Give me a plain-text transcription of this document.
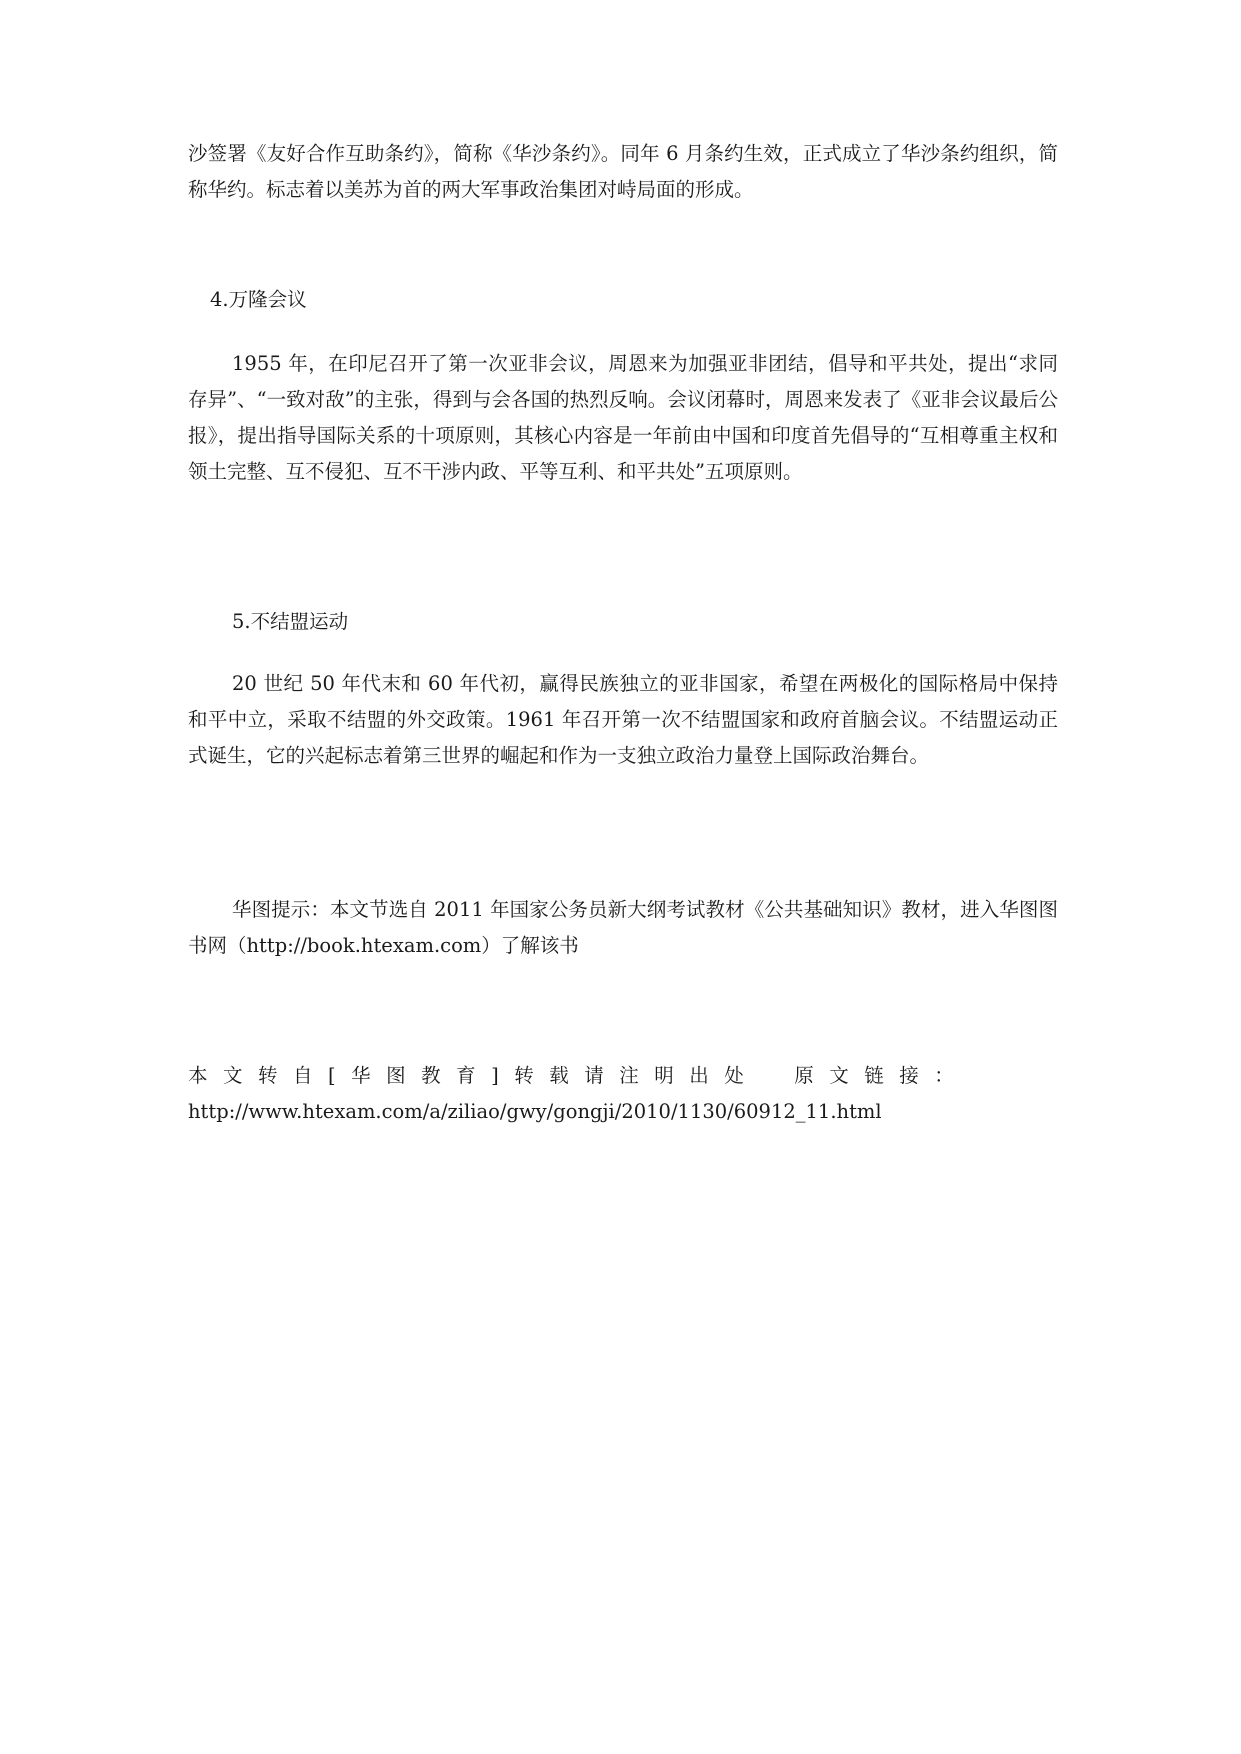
沙签署《友好合作互助条约》，简称《华沙条约》。同年 6 月条约生效，正式成立了华沙条约组织，简称华约。标志着以美苏为首的两大军事政治集团对峙局面的形成。

4.万隆会议

1955 年，在印尼召开了第一次亚非会议，周恩来为加强亚非团结，倡导和平共处，提出“求同存异”、“一致对敌”的主张，得到与会各国的热烈反响。会议闭幕时，周恩来发表了《亚非会议最后公报》，提出指导国际关系的十项原则，其核心内容是一年前由中国和印度首先倡导的“互相尊重主权和领土完整、互不侵犯、互不干涉内政、平等互利、和平共处”五项原则。

5.不结盟运动

20 世纪 50 年代末和 60 年代初，赢得民族独立的亚非国家，希望在两极化的国际格局中保持和平中立，采取不结盟的外交政策。1961 年召开第一次不结盟国家和政府首脑会议。不结盟运动正式诞生，它的兴起标志着第三世界的崛起和作为一支独立政治力量登上国际政治舞台。

华图提示：本文节选自 2011 年国家公务员新大纲考试教材《公共基础知识》教材，进入华图图书网（http://book.htexam.com）了解该书

本文转自[华图教育]转载请注明出处　原文链接：

http://www.htexam.com/a/ziliao/gwy/gongji/2010/1130/60912_11.html
